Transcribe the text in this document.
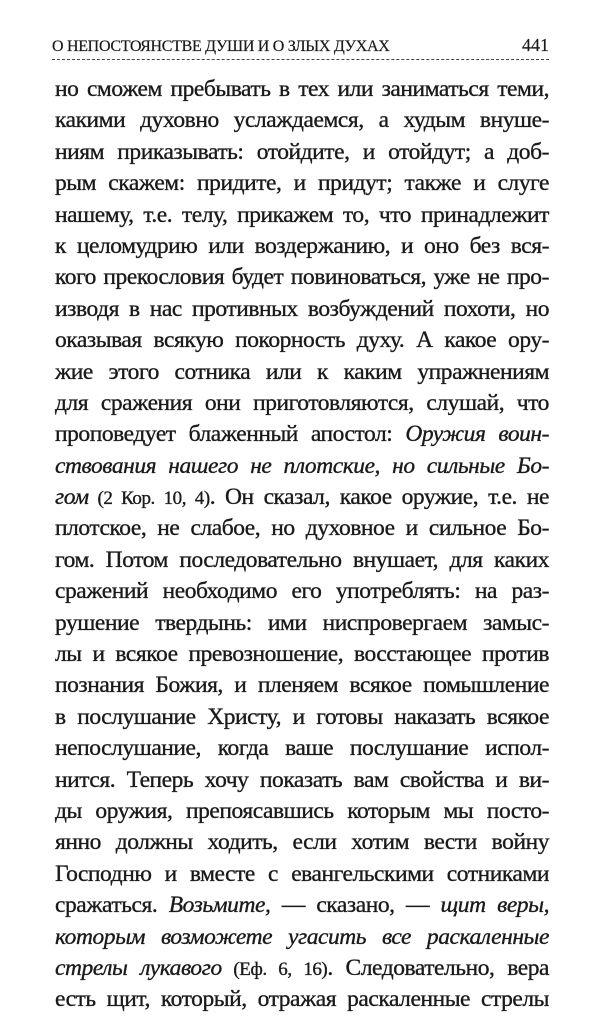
О НЕПОСТОЯНСТВЕ ДУШИ И О ЗЛЫХ ДУХАХ	441
но сможем пребывать в тех или заниматься теми,
какими духовно услаждаемся, а худым внуше-
ниям приказывать: отойдите, и отойдут; а доб-
рым скажем: придите, и придут; также и слуге
нашему, т.е. телу, прикажем то, что принадлежит
к целомудрию или воздержанию, и оно без вся-
кого прекословия будет повиноваться, уже не про-
изводя в нас противных возбуждений похоти, но
оказывая всякую покорность духу. А какое ору-
жие этого сотника или к каким упражнениям
для сражения они приготовляются, слушай, что
проповедует блаженный апостол: Оружия воин-
ствования нашего не плотские, но сильные Бо-
гом (2 Кор. 10, 4). Он сказал, какое оружие, т.е. не
плотское, не слабое, но духовное и сильное Бо-
гом. Потом последовательно внушает, для каких
сражений необходимо его употреблять: на раз-
рушение твердынь: ими ниспровергаем замыс-
лы и всякое превозношение, восстающее против
познания Божия, и пленяем всякое помышление
в послушание Христу, и готовы наказать всякое
непослушание, когда ваше послушание испол-
нится. Теперь хочу показать вам свойства и ви-
ды оружия, препоясавшись которым мы посто-
янно должны ходить, если хотим вести войну
Господню и вместе с евангельскими сотниками
сражаться. Возьмите, — сказано, — щит веры,
которым возможете угасить все раскаленные
стрелы лукавого (Еф. 6, 16). Следовательно, вера
есть щит, который, отражая раскаленные стрелы
